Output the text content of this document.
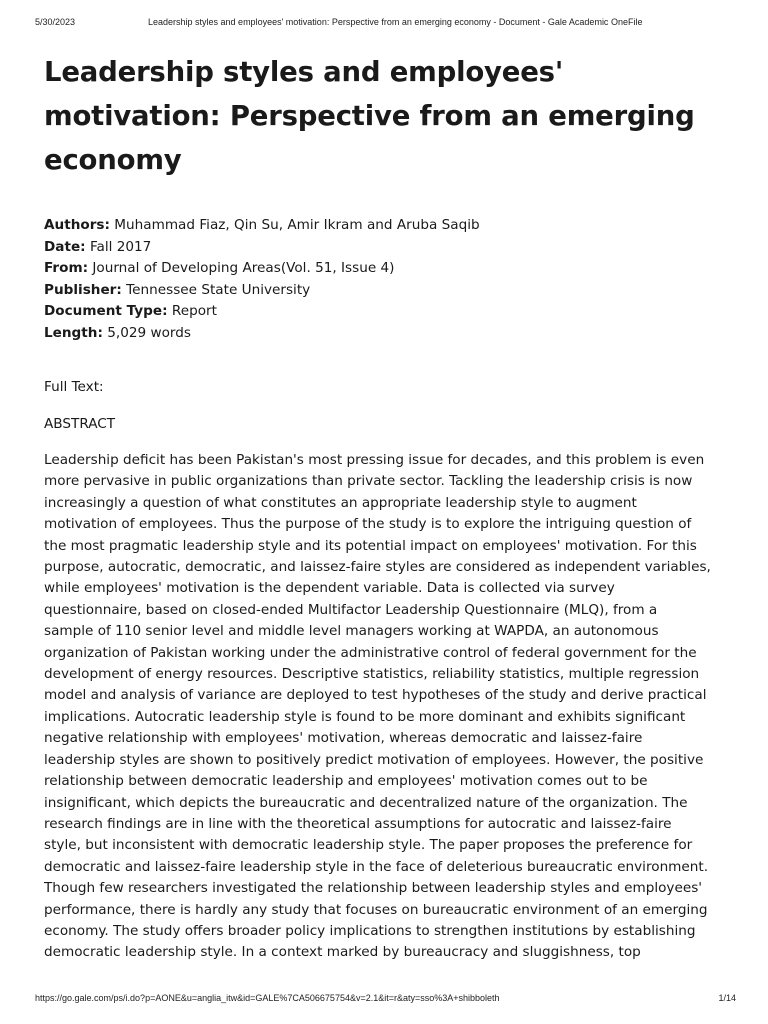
5/30/2023	Leadership styles and employees' motivation: Perspective from an emerging economy - Document - Gale Academic OneFile
Leadership styles and employees'
motivation: Perspective from an emerging
economy
Authors: Muhammad Fiaz, Qin Su, Amir Ikram and Aruba Saqib
Date: Fall 2017
From: Journal of Developing Areas(Vol. 51, Issue 4)
Publisher: Tennessee State University
Document Type: Report
Length: 5,029 words
Full Text:
ABSTRACT
Leadership deficit has been Pakistan's most pressing issue for decades, and this problem is even
more pervasive in public organizations than private sector. Tackling the leadership crisis is now
increasingly a question of what constitutes an appropriate leadership style to augment
motivation of employees. Thus the purpose of the study is to explore the intriguing question of
the most pragmatic leadership style and its potential impact on employees' motivation. For this
purpose, autocratic, democratic, and laissez-faire styles are considered as independent variables,
while employees' motivation is the dependent variable. Data is collected via survey
questionnaire, based on closed-ended Multifactor Leadership Questionnaire (MLQ), from a
sample of 110 senior level and middle level managers working at WAPDA, an autonomous
organization of Pakistan working under the administrative control of federal government for the
development of energy resources. Descriptive statistics, reliability statistics, multiple regression
model and analysis of variance are deployed to test hypotheses of the study and derive practical
implications. Autocratic leadership style is found to be more dominant and exhibits significant
negative relationship with employees' motivation, whereas democratic and laissez-faire
leadership styles are shown to positively predict motivation of employees. However, the positive
relationship between democratic leadership and employees' motivation comes out to be
insignificant, which depicts the bureaucratic and decentralized nature of the organization. The
research findings are in line with the theoretical assumptions for autocratic and laissez-faire
style, but inconsistent with democratic leadership style. The paper proposes the preference for
democratic and laissez-faire leadership style in the face of deleterious bureaucratic environment.
Though few researchers investigated the relationship between leadership styles and employees'
performance, there is hardly any study that focuses on bureaucratic environment of an emerging
economy. The study offers broader policy implications to strengthen institutions by establishing
democratic leadership style. In a context marked by bureaucracy and sluggishness, top
https://go.gale.com/ps/i.do?p=AONE&u=anglia_itw&id=GALE%7CA506675754&v=2.1&it=r&aty=sso%3A+shibboleth	1/14
